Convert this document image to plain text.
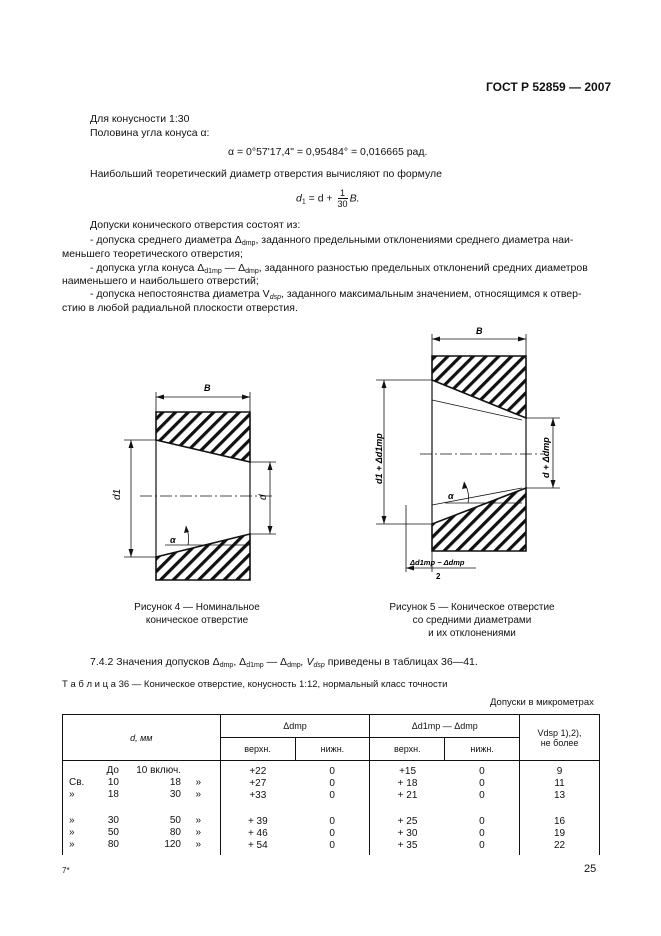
ГОСТ Р 52859 — 2007
Для конусности 1:30
Половина угла конуса α:
α = 0°57'17,4" = 0,95484° = 0,016665 рад.
Наибольший теоретический диаметр отверстия вычисляют по формуле
$d_1 = d + \frac{1}{30} B$.
Допуски конического отверстия состоят из:
- допуска среднего диаметра $\Delta_{dmp}$, заданного предельными отклонениями среднего диаметра наи-
меньшего теоретического отверстия;
- допуска угла конуса $\Delta_{d1mp}$ — $\Delta_{dmp}$, заданного разностью предельных отклонений средних диаметров
наименьшего и наибольшего отверстий;
- допуска непостоянства диаметра $V_{dsp}$, заданного максимальным значением, относящимся к отвер-
стию в любой радиальной плоскости отверстия.
B
d1	d
α
B
d1 + Δd1mp	d + Δdmp
α
Δd1mp − Δdmp
2
Рисунок 4 — Номинальное
коническое отверстие
Рисунок 5 — Коническое отверстие
со средними диаметрами
и их отклонениями
7.4.2 Значения допусков $\Delta_{dmp}$, $\Delta_{d1mp}$ — $\Delta_{dmp}$, $V_{dsp}$ приведены в таблицах 36—41.
Т а б л и ц а 36 — Коническое отверстие, конусность 1:12, нормальный класс точности
Допуски в микрометрах
d, мм	Δdmp		Δd1mp — Δdmp		Vdsp 1),2),
не более

	верхн.	нижн.	верхн.	нижн.	

До 10 включ.	+22	0	+15	0	9

Св. 10 18 »	+27	0	+ 18	0	11

» 18 30 »	+33	0	+ 21	0	13

» 30 50 »	+ 39	0	+ 25	0	16

» 50 80 »	+ 46	0	+ 30	0	19

» 80 120 »	+ 54	0	+ 35	0	22

7*	25
